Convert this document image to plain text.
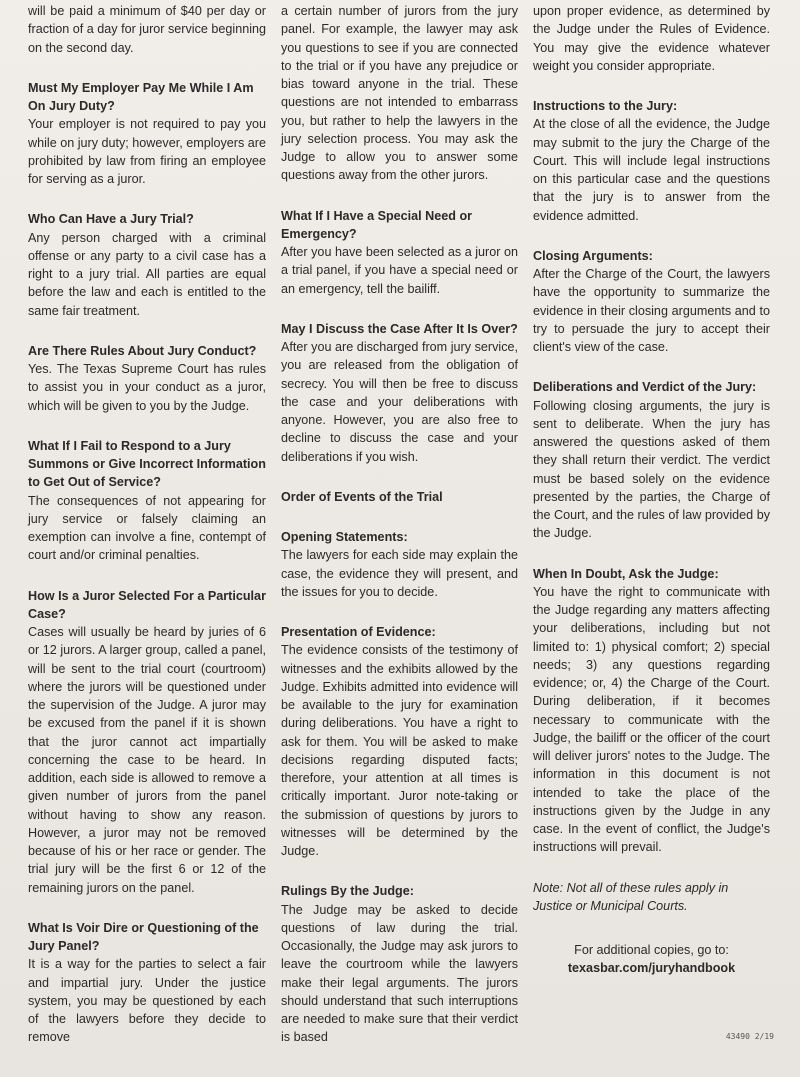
will be paid a minimum of $40 per day or fraction of a day for juror service beginning on the second day.

Must My Employer Pay Me While I Am On Jury Duty?

Your employer is not required to pay you while on jury duty; however, employers are prohibited by law from firing an employee for serving as a juror.

Who Can Have a Jury Trial?

Any person charged with a criminal offense or any party to a civil case has a right to a jury trial. All parties are equal before the law and each is entitled to the same fair treatment.

Are There Rules About Jury Conduct?

Yes. The Texas Supreme Court has rules to assist you in your conduct as a juror, which will be given to you by the Judge.

What If I Fail to Respond to a Jury Summons or Give Incorrect Information to Get Out of Service?

The consequences of not appearing for jury service or falsely claiming an exemption can involve a fine, contempt of court and/or criminal penalties.

How Is a Juror Selected For a Particular Case?

Cases will usually be heard by juries of 6 or 12 jurors. A larger group, called a panel, will be sent to the trial court (courtroom) where the jurors will be questioned under the supervision of the Judge. A juror may be excused from the panel if it is shown that the juror cannot act impartially concerning the case to be heard. In addition, each side is allowed to remove a given number of jurors from the panel without having to show any reason. However, a juror may not be removed because of his or her race or gender. The trial jury will be the first 6 or 12 of the remaining jurors on the panel.

What Is Voir Dire or Questioning of the Jury Panel?

It is a way for the parties to select a fair and impartial jury. Under the justice system, you may be questioned by each of the lawyers before they decide to remove

a certain number of jurors from the jury panel. For example, the lawyer may ask you questions to see if you are connected to the trial or if you have any prejudice or bias toward anyone in the trial. These questions are not intended to embarrass you, but rather to help the lawyers in the jury selection process. You may ask the Judge to allow you to answer some questions away from the other jurors.

What If I Have a Special Need or Emergency?

After you have been selected as a juror on a trial panel, if you have a special need or an emergency, tell the bailiff.

May I Discuss the Case After It Is Over?

After you are discharged from jury service, you are released from the obligation of secrecy. You will then be free to discuss the case and your deliberations with anyone. However, you are also free to decline to discuss the case and your deliberations if you wish.

Order of Events of the Trial

Opening Statements:

The lawyers for each side may explain the case, the evidence they will present, and the issues for you to decide.

Presentation of Evidence:

The evidence consists of the testimony of witnesses and the exhibits allowed by the Judge. Exhibits admitted into evidence will be available to the jury for examination during deliberations. You have a right to ask for them. You will be asked to make decisions regarding disputed facts; therefore, your attention at all times is critically important. Juror note-taking or the submission of questions by jurors to witnesses will be determined by the Judge.

Rulings By the Judge:

The Judge may be asked to decide questions of law during the trial. Occasionally, the Judge may ask jurors to leave the courtroom while the lawyers make their legal arguments. The jurors should understand that such interruptions are needed to make sure that their verdict is based

upon proper evidence, as determined by the Judge under the Rules of Evidence. You may give the evidence whatever weight you consider appropriate.

Instructions to the Jury:

At the close of all the evidence, the Judge may submit to the jury the Charge of the Court. This will include legal instructions on this particular case and the questions that the jury is to answer from the evidence admitted.

Closing Arguments:

After the Charge of the Court, the lawyers have the opportunity to summarize the evidence in their closing arguments and to try to persuade the jury to accept their client's view of the case.

Deliberations and Verdict of the Jury:

Following closing arguments, the jury is sent to deliberate. When the jury has answered the questions asked of them they shall return their verdict. The verdict must be based solely on the evidence presented by the parties, the Charge of the Court, and the rules of law provided by the Judge.

When In Doubt, Ask the Judge:

You have the right to communicate with the Judge regarding any matters affecting your deliberations, including but not limited to: 1) physical comfort; 2) special needs; 3) any questions regarding evidence; or, 4) the Charge of the Court. During deliberation, if it becomes necessary to communicate with the Judge, the bailiff or the officer of the court will deliver jurors' notes to the Judge. The information in this document is not intended to take the place of the instructions given by the Judge in any case. In the event of conflict, the Judge's instructions will prevail.

Note: Not all of these rules apply in Justice or Municipal Courts.

For additional copies, go to:

texasbar.com/juryhandbook

43490 2/19
